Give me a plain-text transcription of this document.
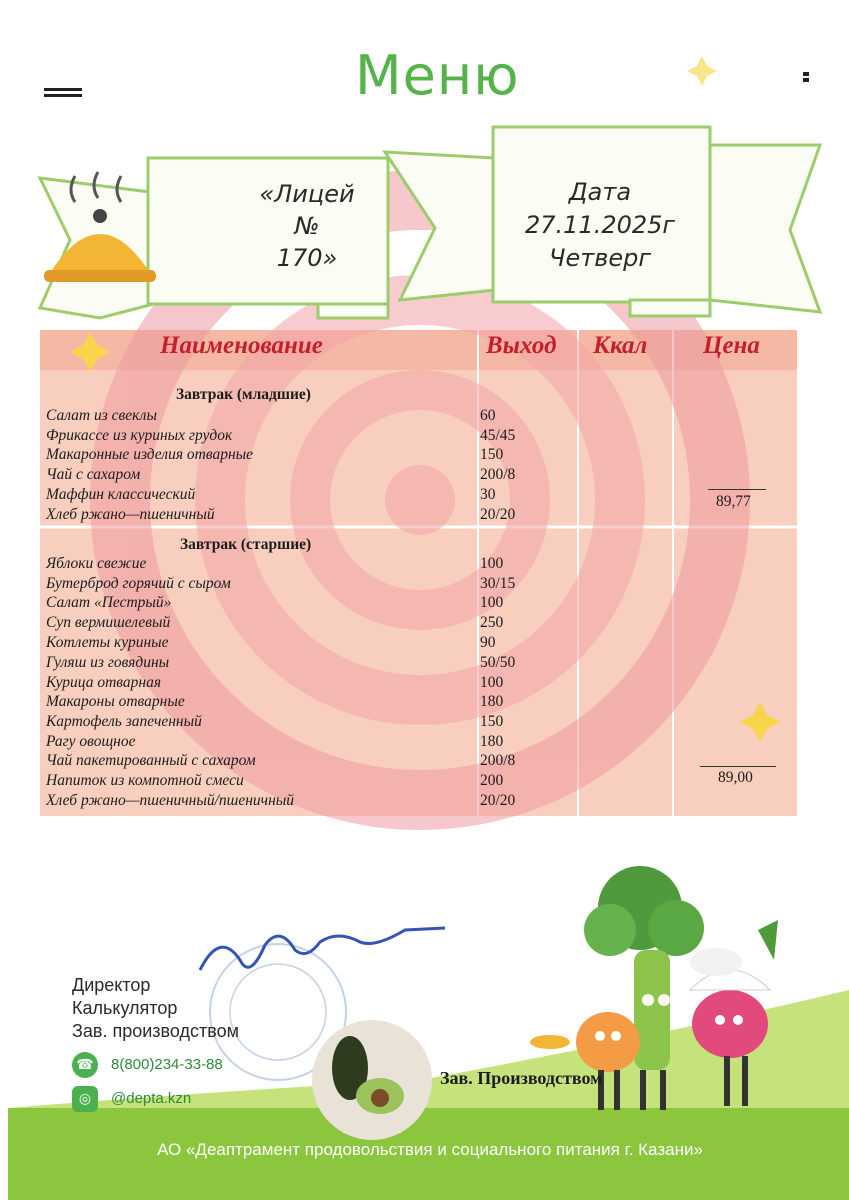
Меню
«Лицей
№
170»
Дата
27.11.2025г
Четверг
Наименование	Выход Ккал Цена
Завтрак (младшие)
Салат из свеклы	60
Фрикассе из куриных грудок	45/45
Макаронные изделия отварные	150
Чай с сахаром	200/8
Маффин классический	30
Хлеб ржано—пшеничный	20/20
89,77
Завтрак (старшие)
Яблоки свежие	100
Бутерброд горячий с сыром	30/15
Салат «Пестрый»	100
Суп вермишелевый	250
Котлеты куриные	90
Гуляш из говядины	50/50
Курица отварная	100
Макароны отварные	180
Картофель запеченный	150
Рагу овощное	180
Чай пакетированный с сахаром	200/8
Напиток из компотной смеси	200
Хлеб ржано—пшеничный/пшеничный	20/20
89,00
Директор
Калькулятор
Зав. производством
☎ 8(800)234-33-88
◎	@depta.kzn
Зав. Производством
АО «Деаптрамент продовольствия и социального питания г. Казани»
